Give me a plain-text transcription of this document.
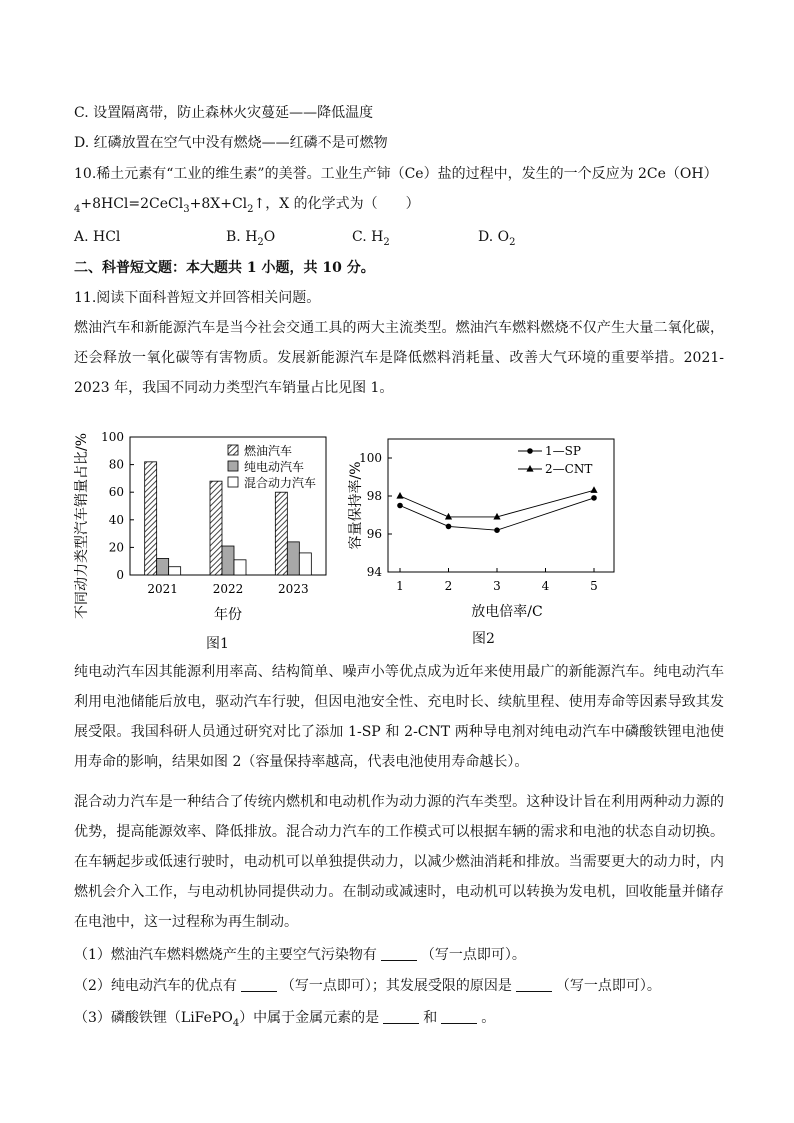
C. 设置隔离带，防止森林火灾蔓延——降低温度
D. 红磷放置在空气中没有燃烧——红磷不是可燃物
10.稀土元素有“工业的维生素”的美誉。工业生产铈（Ce）盐的过程中，发生的一个反应为 2Ce（OH）
$_4+8HCl=2CeCl_3+8X+Cl_2↑$，X 的化学式为（　　）
A. HCl	B. $H_2O$	C. $H_2$	D. $O_2$
二、科普短文题：本大题共 1 小题，共 10 分。
11.阅读下面科普短文并回答相关问题。
燃油汽车和新能源汽车是当今社会交通工具的两大主流类型。燃油汽车燃料燃烧不仅产生大量二氧化碳，还会释放一氧化碳等有害物质。发展新能源汽车是降低燃料消耗量、改善大气环境的重要举措。2021-2023 年，我国不同动力类型汽车销量占比见图 1。
0
20
40
60
80
100
2021	2022	2023
年份
不同动力类型汽车销量占比/%	燃油汽车
纯电动汽车
混合动力汽车
图1
94
96
98
100
1	2	3	4	5
1—SP
2—CNT
放电倍率/C
容量保持率/%
图2
纯电动汽车因其能源利用率高、结构简单、噪声小等优点成为近年来使用最广的新能源汽车。纯电动汽车利用电池储能后放电，驱动汽车行驶，但因电池安全性、充电时长、续航里程、使用寿命等因素导致其发展受限。我国科研人员通过研究对比了添加 1-SP 和 2-CNT 两种导电剂对纯电动汽车中磷酸铁锂电池使用寿命的影响，结果如图 2（容量保持率越高，代表电池使用寿命越长）。
混合动力汽车是一种结合了传统内燃机和电动机作为动力源的汽车类型。这种设计旨在利用两种动力源的优势，提高能源效率、降低排放。混合动力汽车的工作模式可以根据车辆的需求和电池的状态自动切换。在车辆起步或低速行驶时，电动机可以单独提供动力，以减少燃油消耗和排放。当需要更大的动力时，内燃机会介入工作，与电动机协同提供动力。在制动或减速时，电动机可以转换为发电机，回收能量并储存在电池中，这一过程称为再生制动。
（1）燃油汽车燃料燃烧产生的主要空气污染物有	（写一点即可）。
（2）纯电动汽车的优点有	（写一点即可）；其发展受限的原因是	（写一点即可）。
（3）磷酸铁锂（LiFePO$_4$）中属于金属元素的是	和	。
